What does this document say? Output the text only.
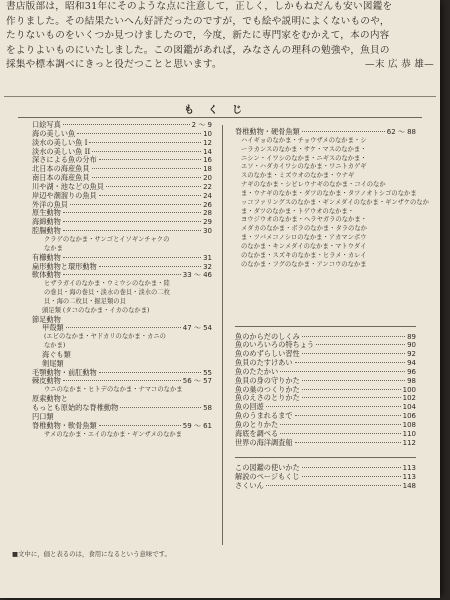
書店版部は，昭和31年にそのような点に注意して，正しく，しかもねだんも安い図鑑を

作りました。その結果たいへん好評だったのですが，でも絵や説明によくないものや，

たりないものをいくつか見つけましたので，今度，新たに専門家をむかえて，本の内容

をよりよいものにいたしました。この図鑑があれば，みなさんの理科の勉強や，魚貝の

採集や標本調べにきっと役だつことと思います。	—末 広 恭 雄—

もくじ
口絵写真	2 ～ 9
海の美しい魚	10
淡水の美しい魚 I	12
淡水の美しい魚 II	14
深さによる魚の分布	16
北日本の海産魚貝	18
南日本の海産魚貝	20
川や湖・池などの魚貝	22
岸辺や潮溜りの魚貝	24
外洋の魚貝	26
原生動物	28
海綿動物	29
腔腸動物	30
クラゲのなかま・サンゴとイソギンチャクの
なかま
有櫛動物	31
扁形動物と環形動物	32
軟体動物	33 ～ 46
ヒザラガイのなかま・ウミウシのなかま・陸
の巻貝・海の巻貝・淡水の巻貝・淡水の二枚
貝・海の二枚貝・掘足類の貝
頭足類 (タコのなかま・イカのなかま)
節足動物
甲殻類	47 ～ 54
(エビのなかま・ヤドカリのなかま・カニの
なかま)
海ぐも類
剣尾類
毛顎動物・前肛動物	55
棘皮動物	56 ～ 57
ウニのなかま・ヒトデのなかま・ナマコのなかま
原索動物と
もっとも原始的な脊椎動物	58
円口類
脊椎動物・軟骨魚類	59 ～ 61
サメのなかま・エイのなかま・ギンザメのなかま
脊椎動物・硬骨魚類	62 ～ 88
ハイギョのなかま・チョウザメのなかま・シ
ーラカンスのなかま・サケ・マスのなかま・
ニシン・イワシのなかま・ニギスのなかま・
エソ・ハダカイワシのなかま・ワニトカゲギ
スのなかま・ミズウオのなかま・ウナギ
ナギのなかま・シビレウナギのなかま・コイのなか
ま・ウナギのなかま・ダツのなかま・タツノオトシゴのなかま
ッコファリングスのなかま・ギンメダイのなかま・ギンザケのなか
ま・ダツのなかま・トゲウオのなかま・
ヨウジウオのなかま・ヘラヤガラのなかま・
メダカのなかま・ボラのなかま・タラのなか
ま・ツバメコノシロのなかま・アカマンボウ
のなかま・キンメダイのなかま・マトウダイ
のなかま・スズキのなかま・ヒラメ・カレイ
のなかま・フグのなかま・アンコウのなかま
魚のからだのしくみ	89
魚のいろいろの特ちょう	90
魚のめずらしい習性	92
魚貝のたすけあい	94
魚のたたかい	96
魚貝の身の守りかた	98
魚の巣のつくりかた	100
魚のえさのとりかた	102
魚の回遊	104
魚のうまれるまで	106
魚のとりかた	108
海底を調べる	110
世界の海洋調査船	112
この図鑑の使いかた	113
解説のページもくじ	113
さくいん	148
■文中に，価と表るのは，食用になるという意味です。
